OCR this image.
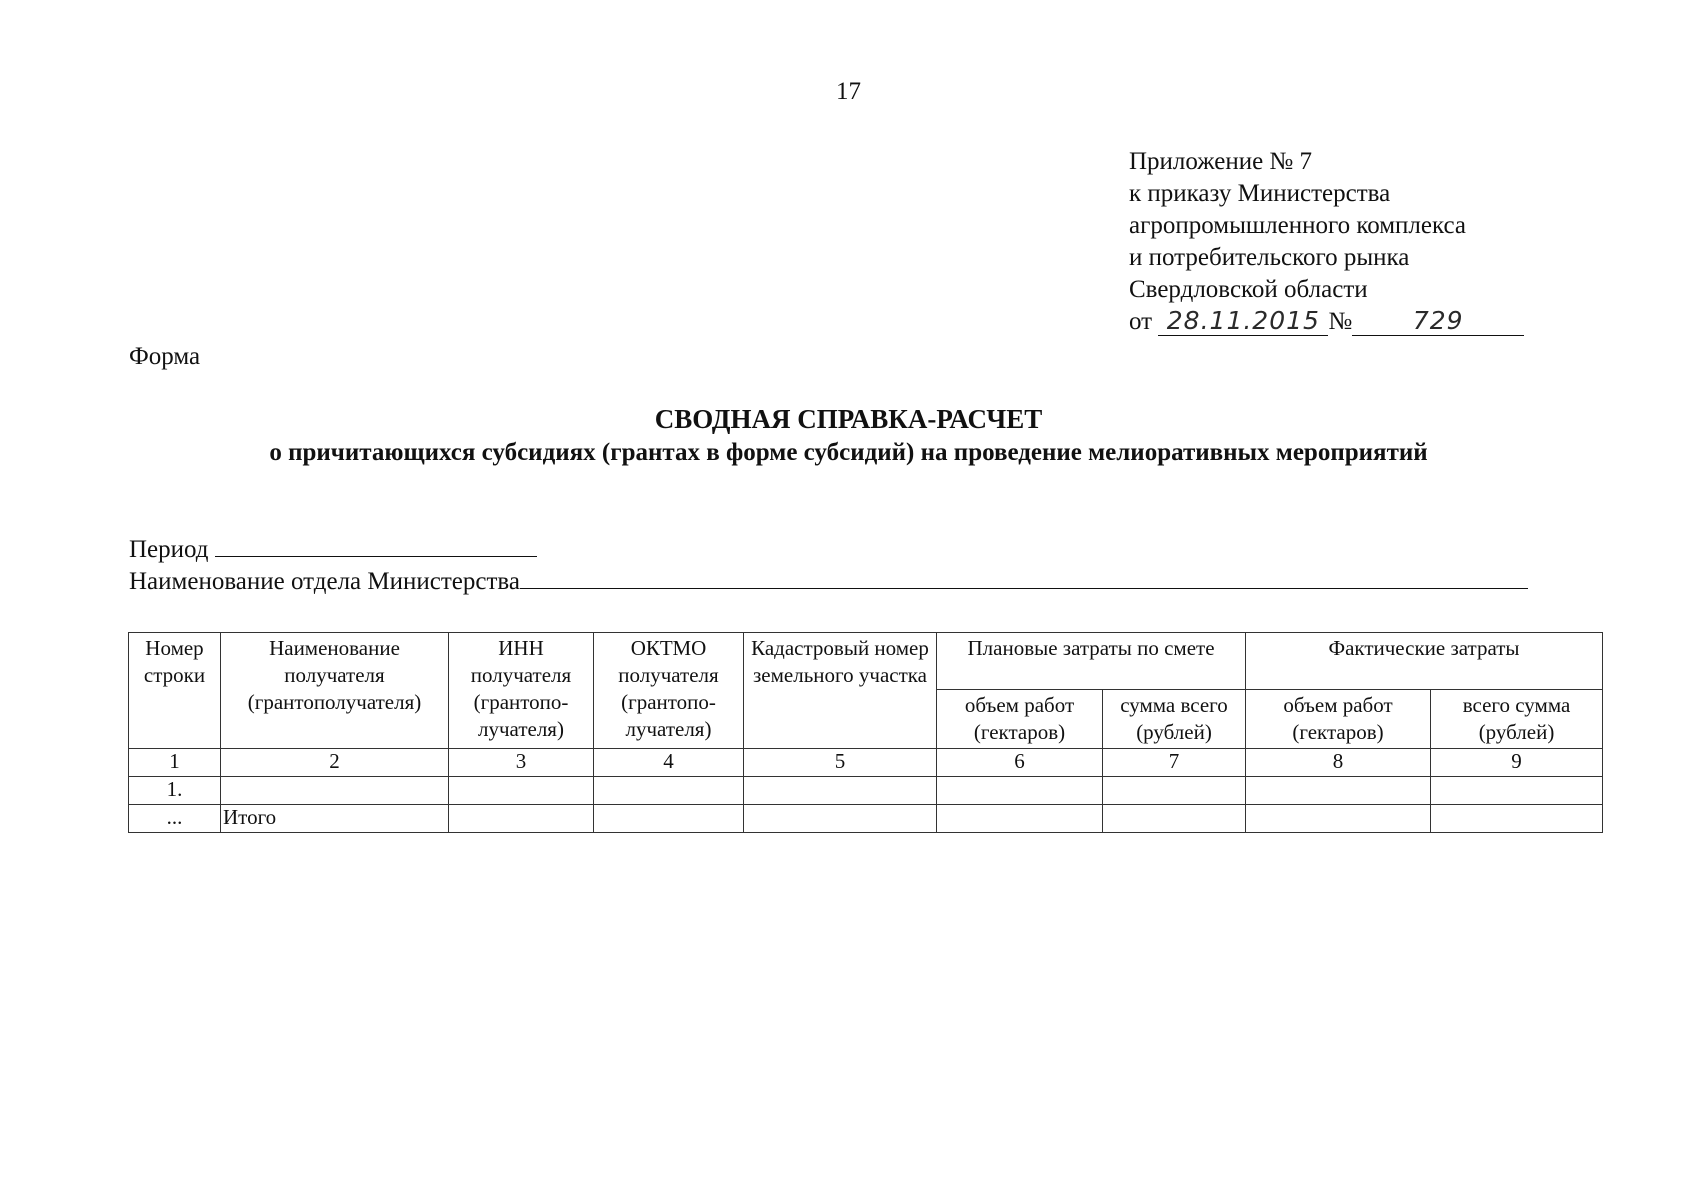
17
Приложение № 7
к приказу Министерства
агропромышленного комплекса
и потребительского рынка
Свердловской области
от 28.11.2015 № 729
Форма
СВОДНАЯ СПРАВКА-РАСЧЕТ
о причитающихся субсидиях (грантах в форме субсидий) на проведение мелиоративных мероприятий
Период
Наименование отдела Министерства
Номер строки	Наименование получателя (грантополучателя)	ИНН получателя (грантопо-лучателя)	ОКТМО получателя (грантопо-лучателя)	Кадастровый номер земельного участка	Плановые затраты по смете		Фактические затраты	
					объем работ (гектаров)	сумма всего (рублей)	объем работ (гектаров)	всего сумма (рублей)
1	2	3	4	5	6	7	8	9
1.								
...	Итого							
